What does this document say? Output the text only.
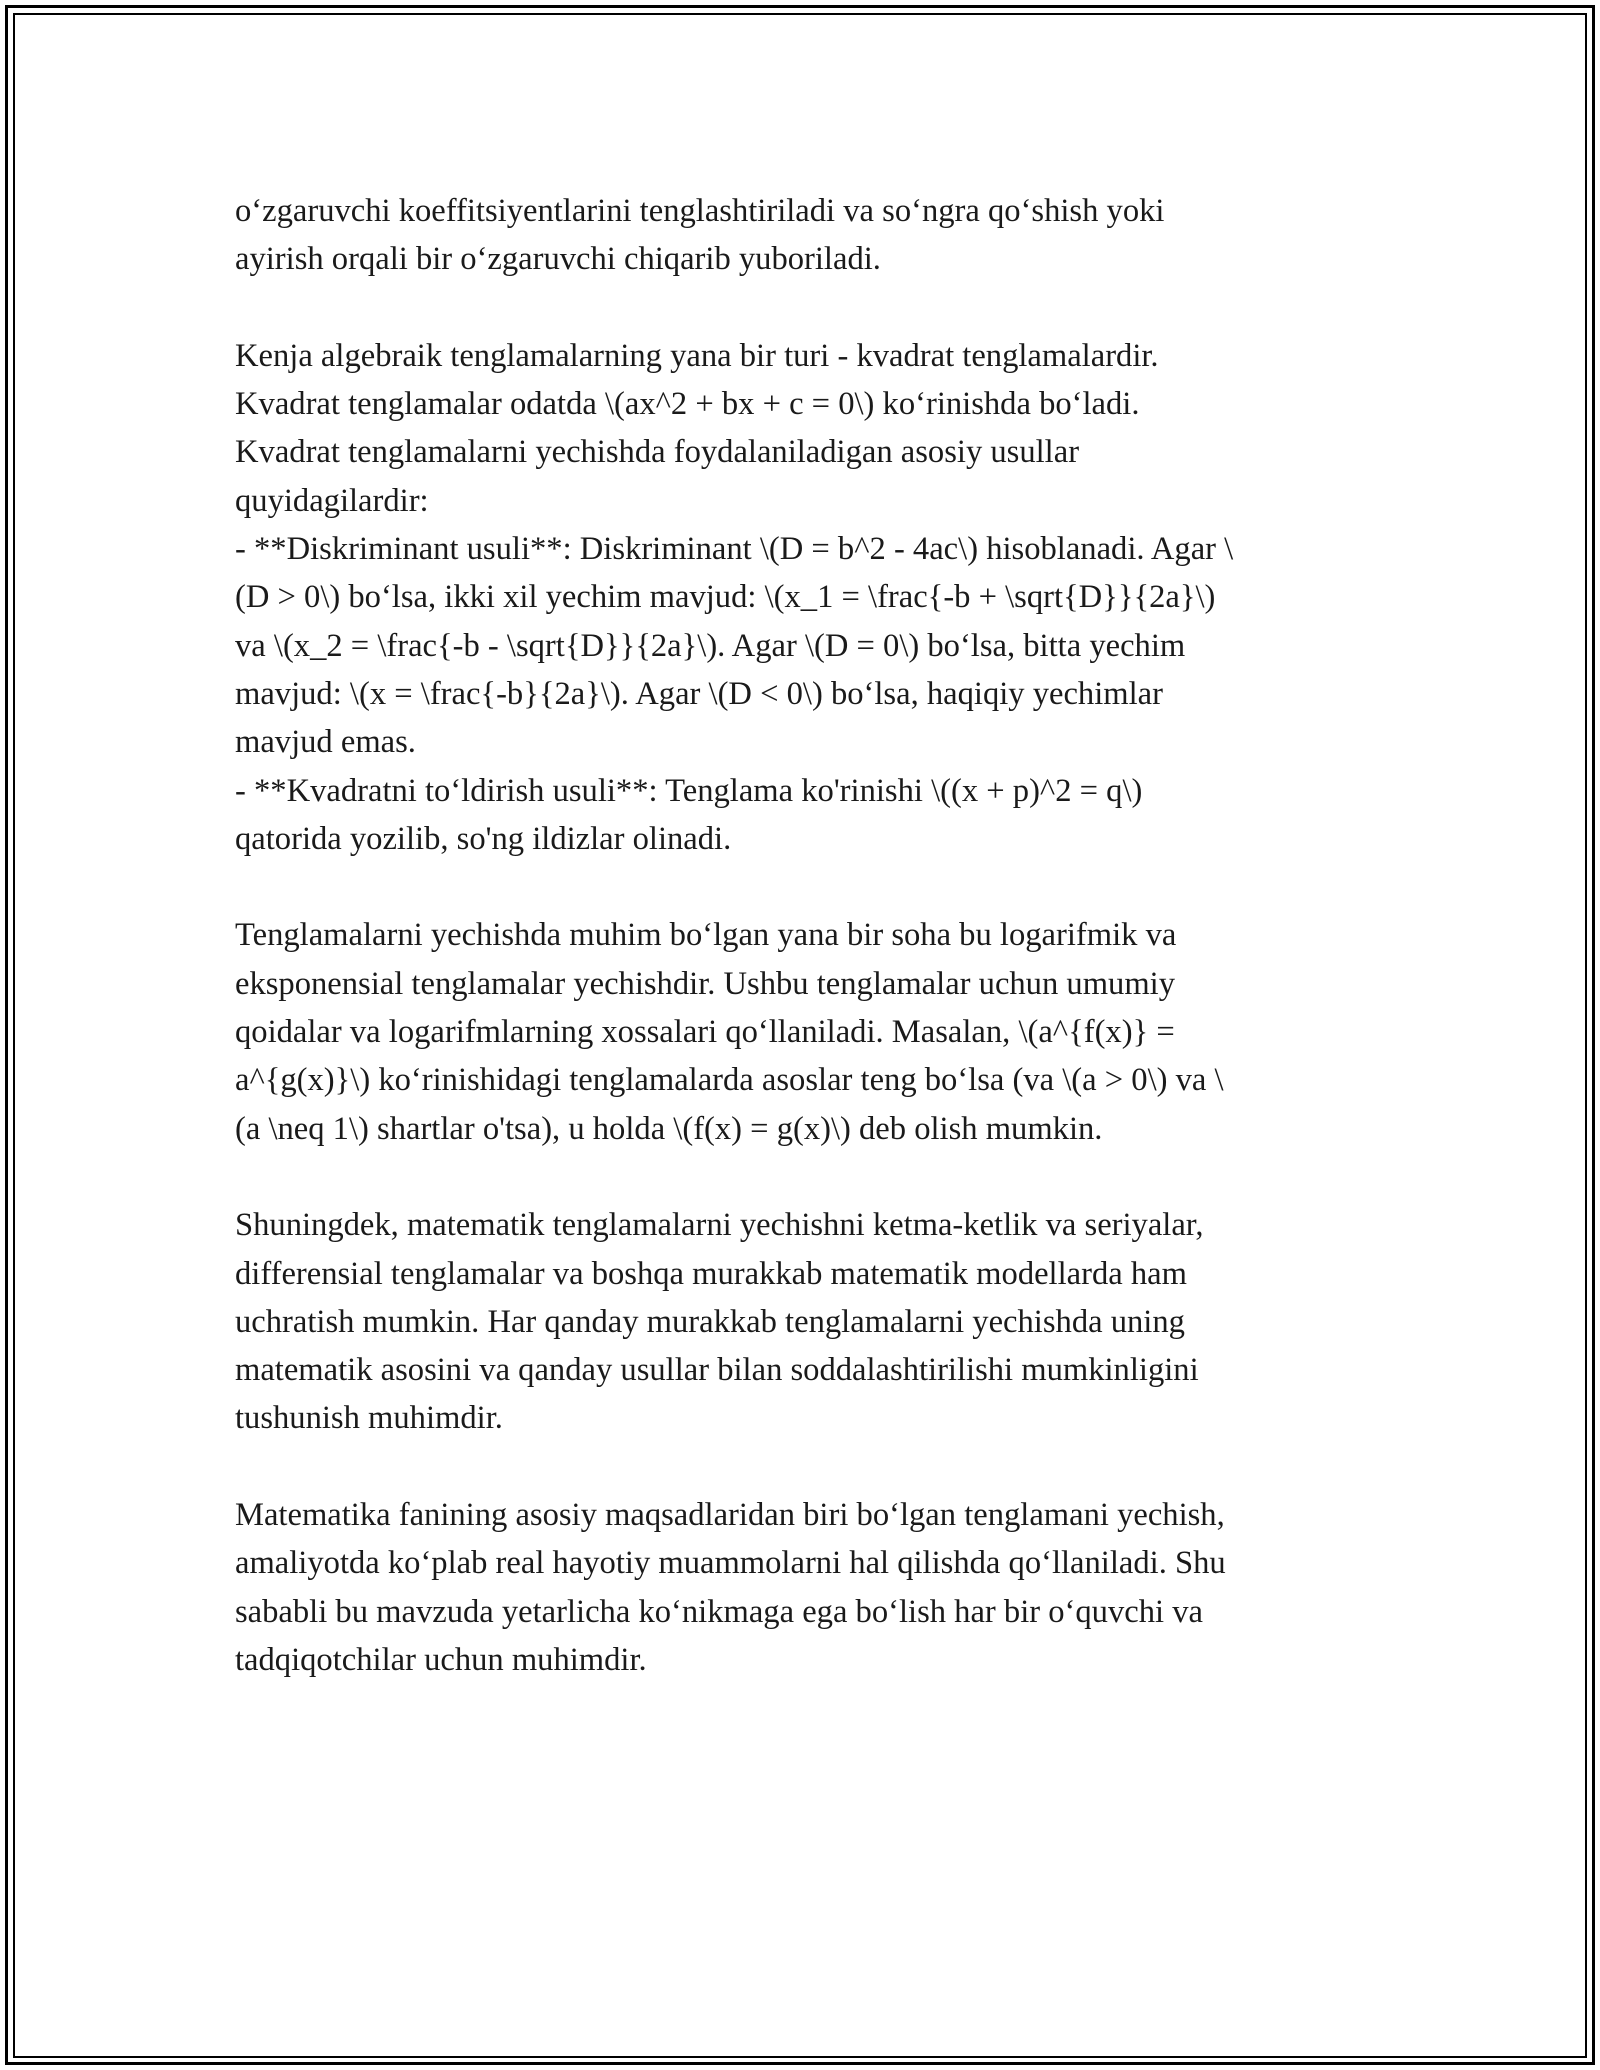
o‘zgaruvchi koeffitsiyentlarini tenglashtiriladi va so‘ngra qo‘shish yoki
ayirish orqali bir o‘zgaruvchi chiqarib yuboriladi.

Kenja algebraik tenglamalarning yana bir turi - kvadrat tenglamalardir.
Kvadrat tenglamalar odatda \(ax^2 + bx + c = 0\) ko‘rinishda bo‘ladi.
Kvadrat tenglamalarni yechishda foydalaniladigan asosiy usullar
quyidagilardir:
- **Diskriminant usuli**: Diskriminant \(D = b^2 - 4ac\) hisoblanadi. Agar \
(D > 0\) bo‘lsa, ikki xil yechim mavjud: \(x_1 = \frac{-b + \sqrt{D}}{2a}\)
va \(x_2 = \frac{-b - \sqrt{D}}{2a}\). Agar \(D = 0\) bo‘lsa, bitta yechim
mavjud: \(x = \frac{-b}{2a}\). Agar \(D < 0\) bo‘lsa, haqiqiy yechimlar
mavjud emas.
- **Kvadratni to‘ldirish usuli**: Tenglama ko'rinishi \((x + p)^2 = q\)
qatorida yozilib, so'ng ildizlar olinadi.

Tenglamalarni yechishda muhim bo‘lgan yana bir soha bu logarifmik va
eksponensial tenglamalar yechishdir. Ushbu tenglamalar uchun umumiy
qoidalar va logarifmlarning xossalari qo‘llaniladi. Masalan, \(a^{f(x)} =
a^{g(x)}\) ko‘rinishidagi tenglamalarda asoslar teng bo‘lsa (va \(a > 0\) va \
(a \neq 1\) shartlar o'tsa), u holda \(f(x) = g(x)\) deb olish mumkin.

Shuningdek, matematik tenglamalarni yechishni ketma-ketlik va seriyalar,
differensial tenglamalar va boshqa murakkab matematik modellarda ham
uchratish mumkin. Har qanday murakkab tenglamalarni yechishda uning
matematik asosini va qanday usullar bilan soddalashtirilishi mumkinligini
tushunish muhimdir.

Matematika fanining asosiy maqsadlaridan biri bo‘lgan tenglamani yechish,
amaliyotda ko‘plab real hayotiy muammolarni hal qilishda qo‘llaniladi. Shu
sababli bu mavzuda yetarlicha ko‘nikmaga ega bo‘lish har bir o‘quvchi va
tadqiqotchilar uchun muhimdir.
